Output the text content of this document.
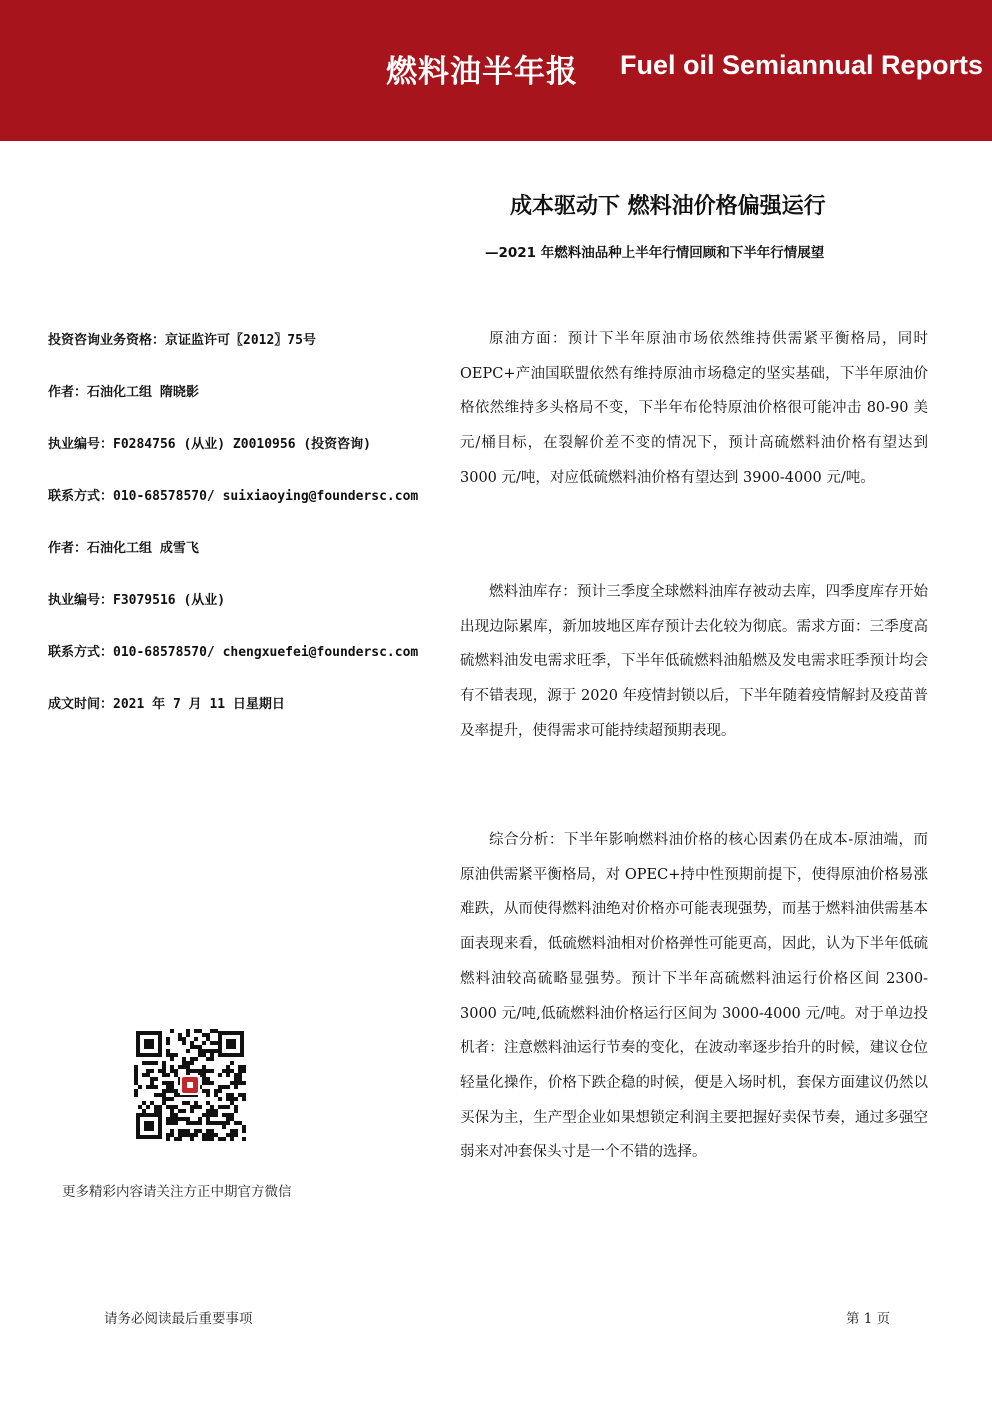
燃料油半年报 Fuel oil Semiannual Reports
成本驱动下 燃料油价格偏强运行
—2021 年燃料油品种上半年行情回顾和下半年行情展望
投资咨询业务资格：京证监许可〖2012〗75号
作者：石油化工组 隋晓影
执业编号：F0284756 (从业) Z0010956 (投资咨询)
联系方式：010-68578570/ suixiaoying@foundersc.com
作者：石油化工组 成雪飞
执业编号：F3079516 (从业)
联系方式：010-68578570/ chengxuefei@foundersc.com
成文时间：2021 年 7 月 11 日星期日

原油方面：预计下半年原油市场依然维持供需紧平衡格局，同时 OEPC+产油国联盟依然有维持原油市场稳定的坚实基础，下半年原油价格依然维持多头格局不变，下半年布伦特原油价格很可能冲击 80-90 美元/桶目标，在裂解价差不变的情况下，预计高硫燃料油价格有望达到 3000 元/吨，对应低硫燃料油价格有望达到 3900-4000 元/吨。

燃料油库存：预计三季度全球燃料油库存被动去库，四季度库存开始出现边际累库，新加坡地区库存预计去化较为彻底。需求方面：三季度高硫燃料油发电需求旺季，下半年低硫燃料油船燃及发电需求旺季预计均会有不错表现，源于 2020 年疫情封锁以后，下半年随着疫情解封及疫苗普及率提升，使得需求可能持续超预期表现。

综合分析：下半年影响燃料油价格的核心因素仍在成本-原油端，而原油供需紧平衡格局，对 OPEC+持中性预期前提下，使得原油价格易涨难跌，从而使得燃料油绝对价格亦可能表现强势，而基于燃料油供需基本面表现来看，低硫燃料油相对价格弹性可能更高，因此，认为下半年低硫燃料油较高硫略显强势。预计下半年高硫燃料油运行价格区间 2300-3000 元/吨,低硫燃料油价格运行区间为 3000-4000 元/吨。对于单边投机者：注意燃料油运行节奏的变化，在波动率逐步抬升的时候，建议仓位轻量化操作，价格下跌企稳的时候，便是入场时机，套保方面建议仍然以买保为主，生产型企业如果想锁定利润主要把握好卖保节奏，通过多强空弱来对冲套保头寸是一个不错的选择。

更多精彩内容请关注方正中期官方微信
请务必阅读最后重要事项	第 1 页
